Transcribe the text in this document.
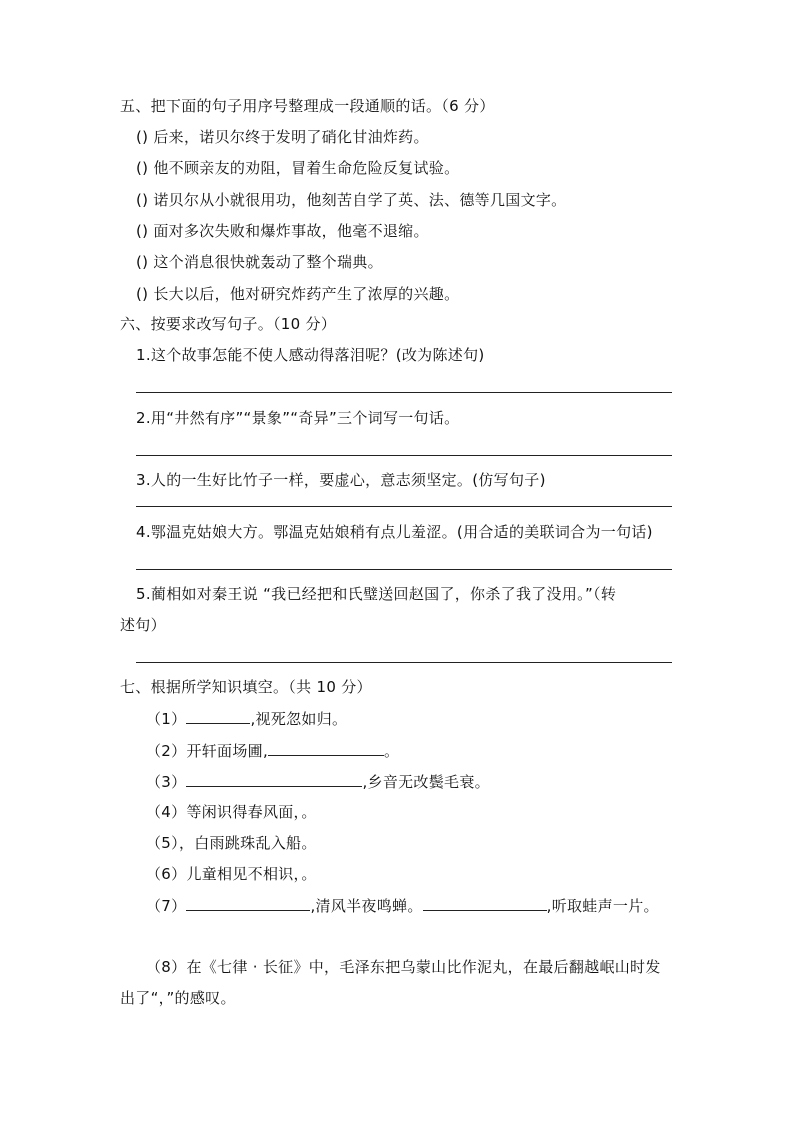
五、把下面的句子用序号整理成一段通顺的话。（6 分）
() 后来，诺贝尔终于发明了硝化甘油炸药。
() 他不顾亲友的劝阻，冒着生命危险反复试验。
() 诺贝尔从小就很用功，他刻苦自学了英、法、德等几国文字。
() 面对多次失败和爆炸事故，他毫不退缩。
() 这个消息很快就轰动了整个瑞典。
() 长大以后，他对研究炸药产生了浓厚的兴趣。
六、按要求改写句子。（10 分）
1.这个故事怎能不使人感动得落泪呢？(改为陈述句)
2.用“井然有序”“景象”“奇异”三个词写一句话。
3.人的一生好比竹子一样，要虚心，意志须坚定。(仿写句子)
4.鄂温克姑娘大方。鄂温克姑娘稍有点儿羞涩。(用合适的美联词合为一句话)
5.蔺相如对秦王说 “我已经把和氏璧送回赵国了，你杀了我了没用。”（转
述句）
七、根据所学知识填空。（共 10 分）
（1）	,视死忽如归。
（2）开轩面场圃,	。
（3）	,乡音无改鬓毛衰。
（4）等闲识得春风面，。
（5），白雨跳珠乱入船。
（6）儿童相见不相识，。
（7）	,清风半夜鸣蝉。	,听取蛙声一片。
（8）在《七律 · 长征》中，毛泽东把乌蒙山比作泥丸，在最后翻越岷山时发
出了“，”的感叹。
